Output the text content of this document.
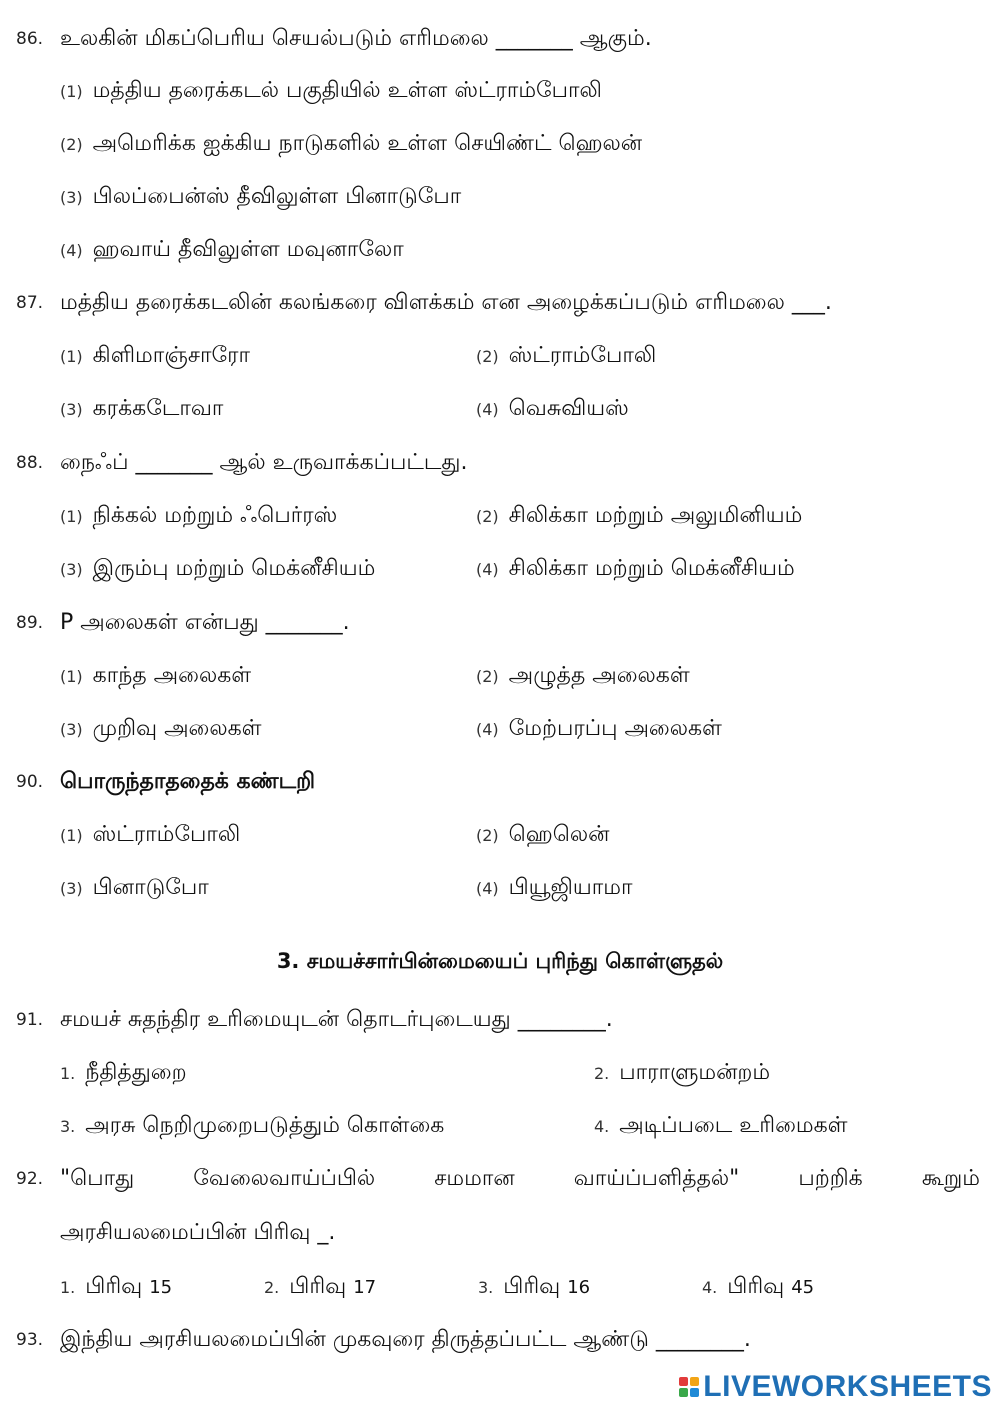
86. உலகின் மிகப்பெரிய செயல்படும் எரிமலை _______ ஆகும்.
(1) மத்திய தரைக்கடல் பகுதியில் உள்ள ஸ்ட்ராம்போலி
(2) அமெரிக்க ஐக்கிய நாடுகளில் உள்ள செயிண்ட் ஹெலன்
(3) பிலப்பைன்ஸ் தீவிலுள்ள பினாடுபோ
(4) ஹவாய் தீவிலுள்ள மவுனாலோ
87. மத்திய தரைக்கடலின் கலங்கரை விளக்கம் என அழைக்கப்படும் எரிமலை ___.
(1) கிளிமாஞ்சாரோ	(2) ஸ்ட்ராம்போலி
(3) கரக்கடோவா	(4) வெசுவியஸ்
88. நைஃப் _______ ஆல் உருவாக்கப்பட்டது.
(1) நிக்கல் மற்றும் ஃபெர்ரஸ்	(2) சிலிக்கா மற்றும் அலுமினியம்
(3) இரும்பு மற்றும் மெக்னீசியம்	(4) சிலிக்கா மற்றும் மெக்னீசியம்
89. P அலைகள் என்பது _______.
(1) காந்த அலைகள்	(2) அழுத்த அலைகள்
(3) முறிவு அலைகள்	(4) மேற்பரப்பு அலைகள்
90. பொருந்தாததைக் கண்டறி
(1) ஸ்ட்ராம்போலி	(2) ஹெலென்
(3) பினாடுபோ	(4) பியூஜியாமா
3. சமயச்சார்பின்மையைப் புரிந்து கொள்ளுதல்
91. சமயச் சுதந்திர உரிமையுடன் தொடர்புடையது ________.
1. நீதித்துறை	2. பாராளுமன்றம்
3. அரசு நெறிமுறைபடுத்தும் கொள்கை	4. அடிப்படை உரிமைகள்
92. "பொது	வேலைவாய்ப்பில்	சமமான	வாய்ப்பளித்தல்"	பற்றிக்	கூறும்
அரசியலமைப்பின் பிரிவு _.
1. பிரிவு 15	2. பிரிவு 17	3. பிரிவு 16	4. பிரிவு 45
93. இந்திய அரசியலமைப்பின் முகவுரை திருத்தப்பட்ட ஆண்டு ________.
LIVEWORKSHEETS
